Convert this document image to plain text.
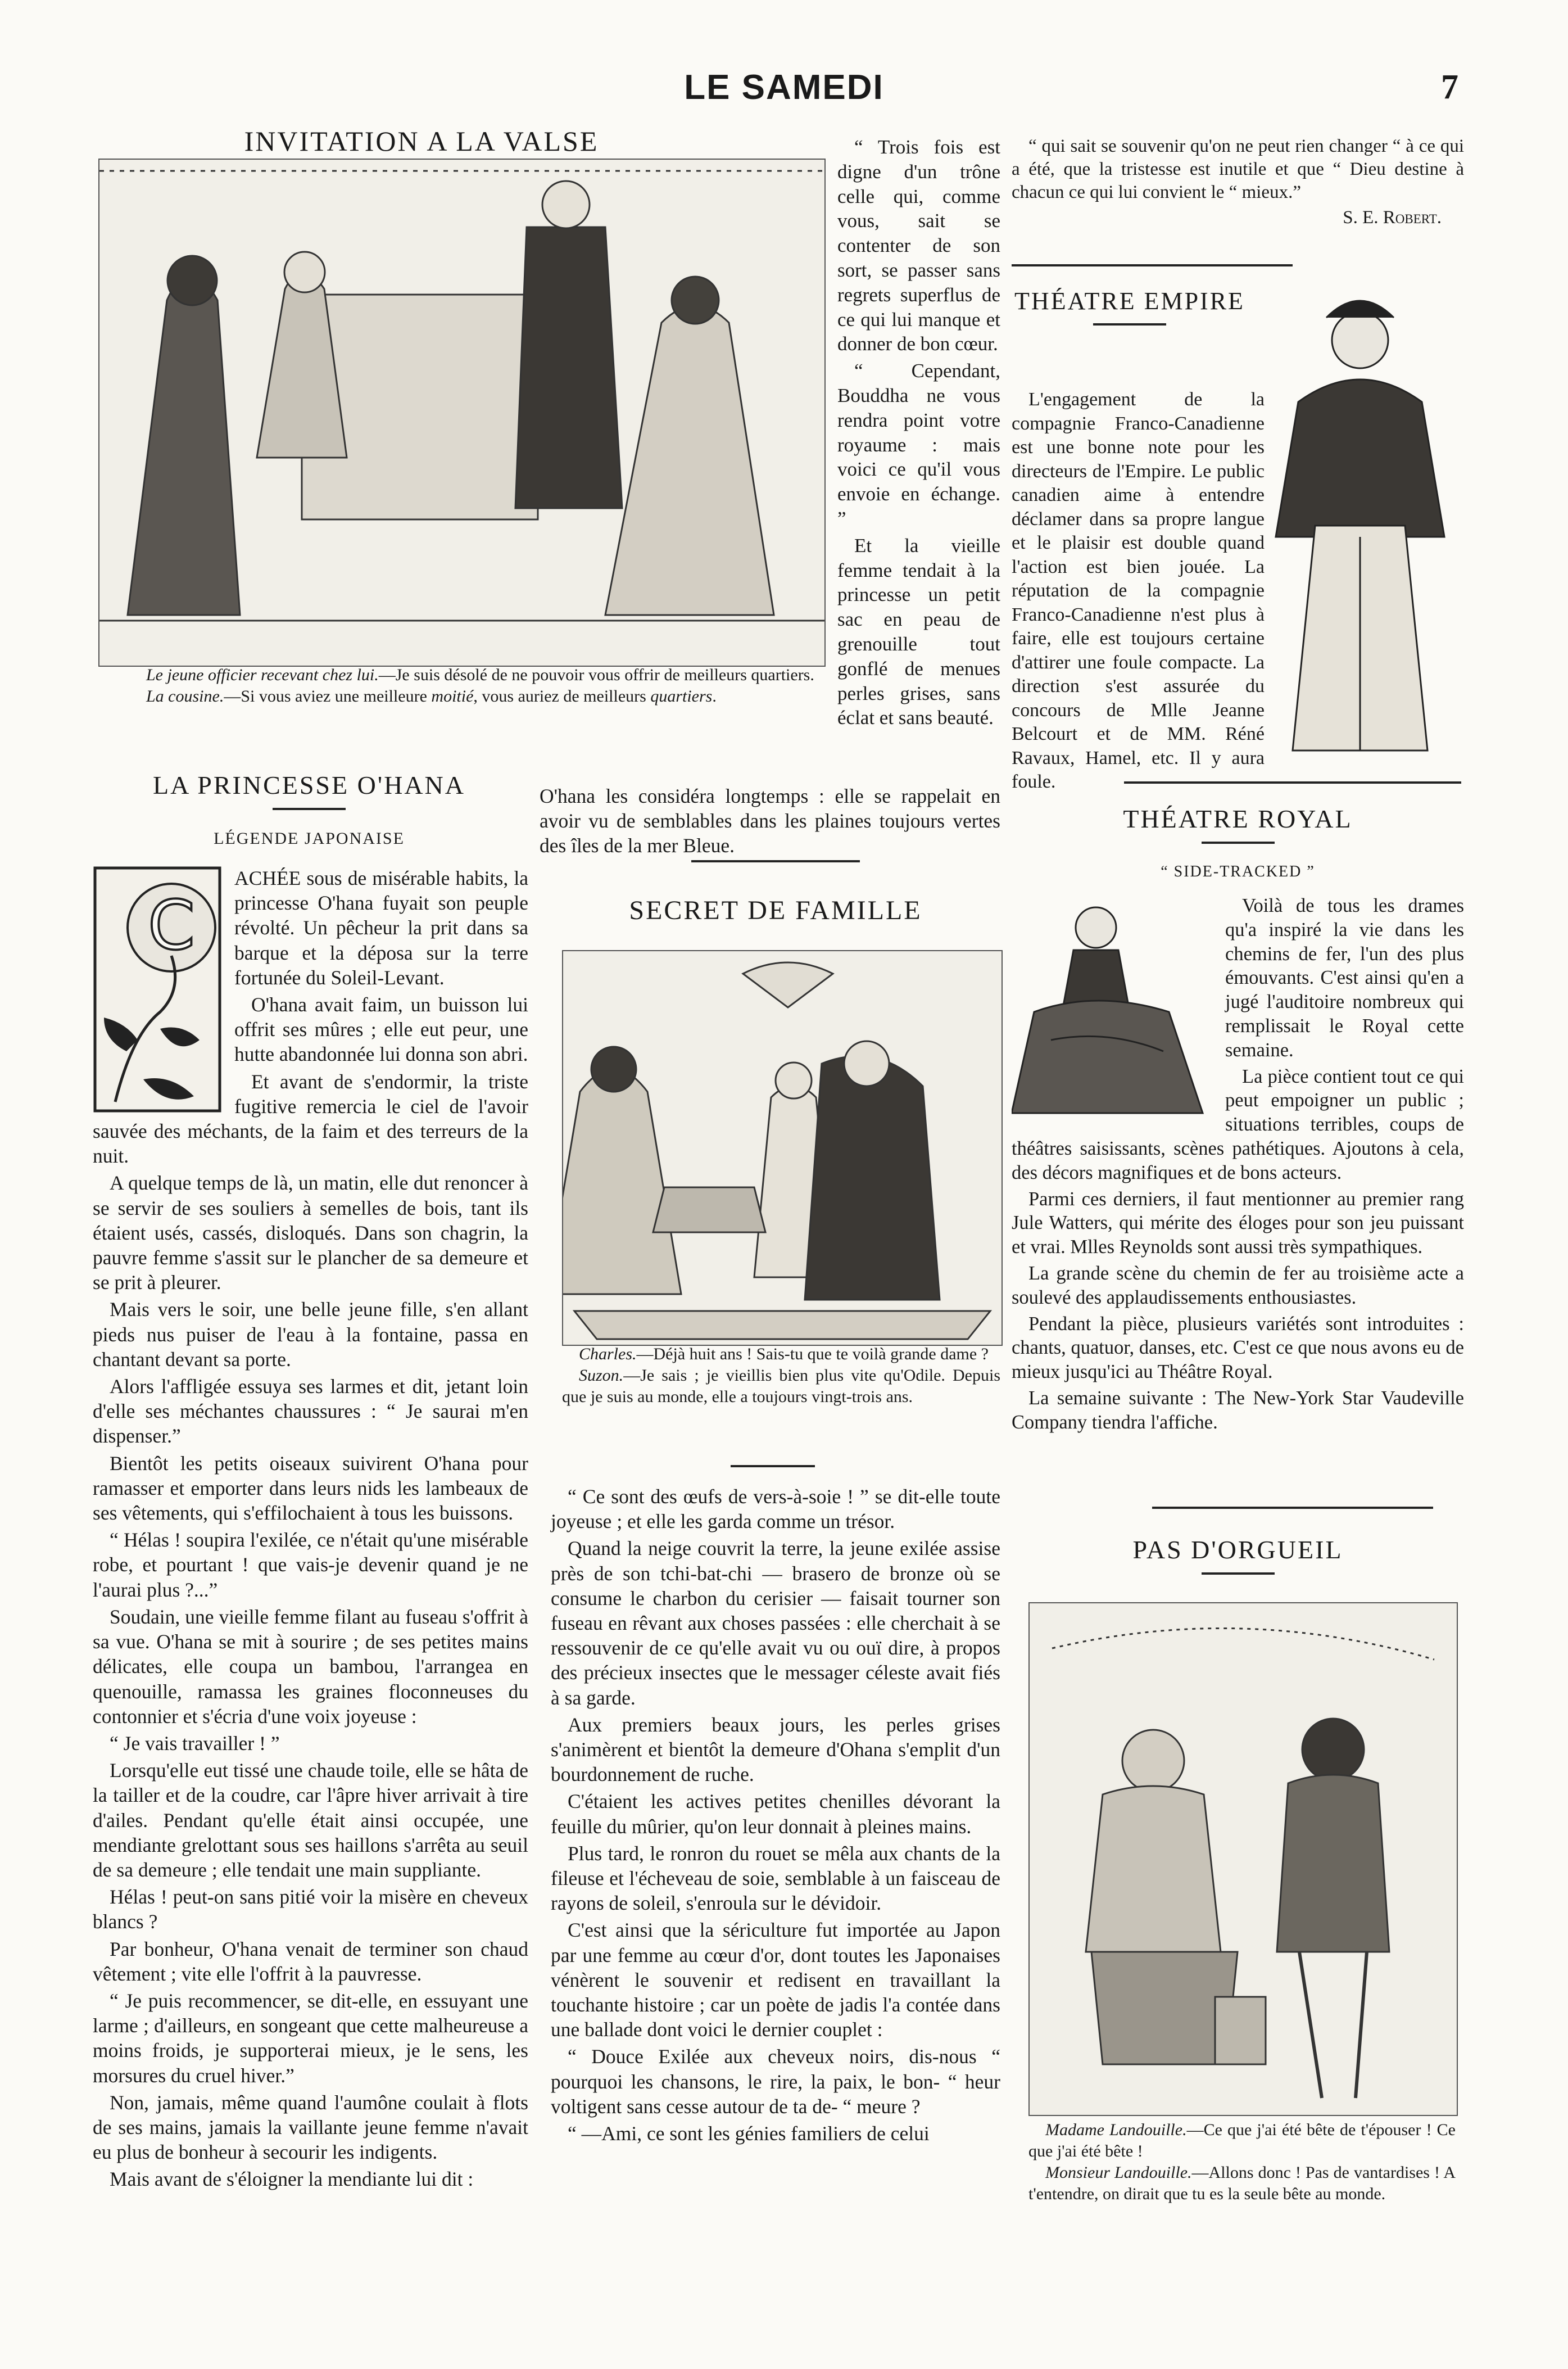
LE SAMEDI	7
INVITATION A LA VALSE

Le jeune officier recevant chez lui.—Je suis désolé de ne pouvoir vous offrir de meilleurs quartiers.

La cousine.—Si vous aviez une meilleure moitié, vous auriez de meilleurs quartiers.

“ Trois fois est digne d'un trône celle qui, comme vous, sait se contenter de son sort, se passer sans regrets superflus de ce qui lui manque et donner de bon cœur.

“ Cependant, Bouddha ne vous rendra point votre royaume : mais voici ce qu'il vous envoie en échange. ”

Et la vieille femme tendait à la princesse un petit sac en peau de grenouille tout gonflé de menues perles grises, sans éclat et sans beauté.

LA PRINCESSE O'HANA
LÉGENDE JAPONAISE
C

ACHÉE sous de misérable habits, la princesse O'hana fuyait son peuple révolté. Un pêcheur la prit dans sa barque et la déposa sur la terre fortunée du Soleil-Levant.

O'hana avait faim, un buisson lui offrit ses mûres ; elle eut peur, une hutte abandonnée lui donna son abri.

Et avant de s'endormir, la triste fugitive remercia le ciel de l'avoir sauvée des méchants, de la faim et des terreurs de la nuit.

A quelque temps de là, un matin, elle dut renoncer à se servir de ses souliers à semelles de bois, tant ils étaient usés, cassés, disloqués. Dans son chagrin, la pauvre femme s'assit sur le plancher de sa demeure et se prit à pleurer.

Mais vers le soir, une belle jeune fille, s'en allant pieds nus puiser de l'eau à la fontaine, passa en chantant devant sa porte.

Alors l'affligée essuya ses larmes et dit, jetant loin d'elle ses méchantes chaussures : “ Je saurai m'en dispenser.”

Bientôt les petits oiseaux suivirent O'hana pour ramasser et emporter dans leurs nids les lambeaux de ses vêtements, qui s'effilochaient à tous les buissons.

“ Hélas ! soupira l'exilée, ce n'était qu'une misérable robe, et pourtant ! que vais-je devenir quand je ne l'aurai plus ?...”

Soudain, une vieille femme filant au fuseau s'offrit à sa vue. O'hana se mit à sourire ; de ses petites mains délicates, elle coupa un bambou, l'arrangea en quenouille, ramassa les graines floconneuses du contonnier et s'écria d'une voix joyeuse :

“ Je vais travailler ! ”

Lorsqu'elle eut tissé une chaude toile, elle se hâta de la tailler et de la coudre, car l'âpre hiver arrivait à tire d'ailes. Pendant qu'elle était ainsi occupée, une mendiante grelottant sous ses haillons s'arrêta au seuil de sa demeure ; elle tendait une main suppliante.

Hélas ! peut-on sans pitié voir la misère en cheveux blancs ?

Par bonheur, O'hana venait de terminer son chaud vêtement ; vite elle l'offrit à la pauvresse.

“ Je puis recommencer, se dit-elle, en essuyant une larme ; d'ailleurs, en songeant que cette malheureuse a moins froids, je supporterai mieux, je le sens, les morsures du cruel hiver.”

Non, jamais, même quand l'aumône coulait à flots de ses mains, jamais la vaillante jeune femme n'avait eu plus de bonheur à secourir les indigents.

Mais avant de s'éloigner la mendiante lui dit :

O'hana les considéra longtemps : elle se rappelait en avoir vu de semblables dans les plaines toujours vertes des îles de la mer Bleue.

SECRET DE FAMILLE

Charles.—Déjà huit ans ! Sais-tu que te voilà grande dame ?

Suzon.—Je sais ; je vieillis bien plus vite qu'Odile. Depuis que je suis au monde, elle a toujours vingt-trois ans.

“ Ce sont des œufs de vers-à-soie ! ” se dit-elle toute joyeuse ; et elle les garda comme un trésor.

Quand la neige couvrit la terre, la jeune exilée assise près de son tchi-bat-chi — brasero de bronze où se consume le charbon du cerisier — faisait tourner son fuseau en rêvant aux choses passées : elle cherchait à se ressouvenir de ce qu'elle avait vu ou ouï dire, à propos des précieux insectes que le messager céleste avait fiés à sa garde.

Aux premiers beaux jours, les perles grises s'animèrent et bientôt la demeure d'Ohana s'emplit d'un bourdonnement de ruche.

C'étaient les actives petites chenilles dévorant la feuille du mûrier, qu'on leur donnait à pleines mains.

Plus tard, le ronron du rouet se mêla aux chants de la fileuse et l'écheveau de soie, semblable à un faisceau de rayons de soleil, s'enroula sur le dévidoir.

C'est ainsi que la sériculture fut importée au Japon par une femme au cœur d'or, dont toutes les Japonaises vénèrent le souvenir et redisent en travaillant la touchante histoire ; car un poète de jadis l'a contée dans une ballade dont voici le dernier couplet :

“ Douce Exilée aux cheveux noirs, dis-nous “ pourquoi les chansons, le rire, la paix, le bon- “ heur voltigent sans cesse autour de ta de- “ meure ?

“ —Ami, ce sont les génies familiers de celui

“ qui sait se souvenir qu'on ne peut rien changer “ à ce qui a été, que la tristesse est inutile et que “ Dieu destine à chacun ce qui lui convient le “ mieux.”

S. E. Robert.
THÉATRE EMPIRE

L'engagement de la compagnie Franco-Canadienne est une bonne note pour les directeurs de l'Empire. Le public canadien aime à entendre déclamer dans sa propre langue et le plaisir est double quand l'action est bien jouée. La réputation de la compagnie Franco-Canadienne n'est plus à faire, elle est toujours certaine d'attirer une foule compacte. La direction s'est assurée du concours de Mlle Jeanne Belcourt et de MM. Réné Ravaux, Hamel, etc. Il y aura foule.

THÉATRE ROYAL
“ SIDE-TRACKED ”

Voilà de tous les drames qu'a inspiré la vie dans les chemins de fer, l'un des plus émouvants. C'est ainsi qu'en a jugé l'auditoire nombreux qui remplissait le Royal cette semaine.

La pièce contient tout ce qui peut empoigner un public ; situations terribles, coups de théâtres saisissants, scènes pathétiques. Ajoutons à cela, des décors magnifiques et de bons acteurs.

Parmi ces derniers, il faut mentionner au premier rang Jule Watters, qui mérite des éloges pour son jeu puissant et vrai. Mlles Reynolds sont aussi très sympathiques.

La grande scène du chemin de fer au troisième acte a soulevé des applaudissements enthousiastes.

Pendant la pièce, plusieurs variétés sont introduites : chants, quatuor, danses, etc. C'est ce que nous avons eu de mieux jusqu'ici au Théâtre Royal.

La semaine suivante : The New-York Star Vaudeville Company tiendra l'affiche.

PAS D'ORGUEIL

Madame Landouille.—Ce que j'ai été bête de t'épouser ! Ce que j'ai été bête !

Monsieur Landouille.—Allons donc ! Pas de vantardises ! A t'entendre, on dirait que tu es la seule bête au monde.
